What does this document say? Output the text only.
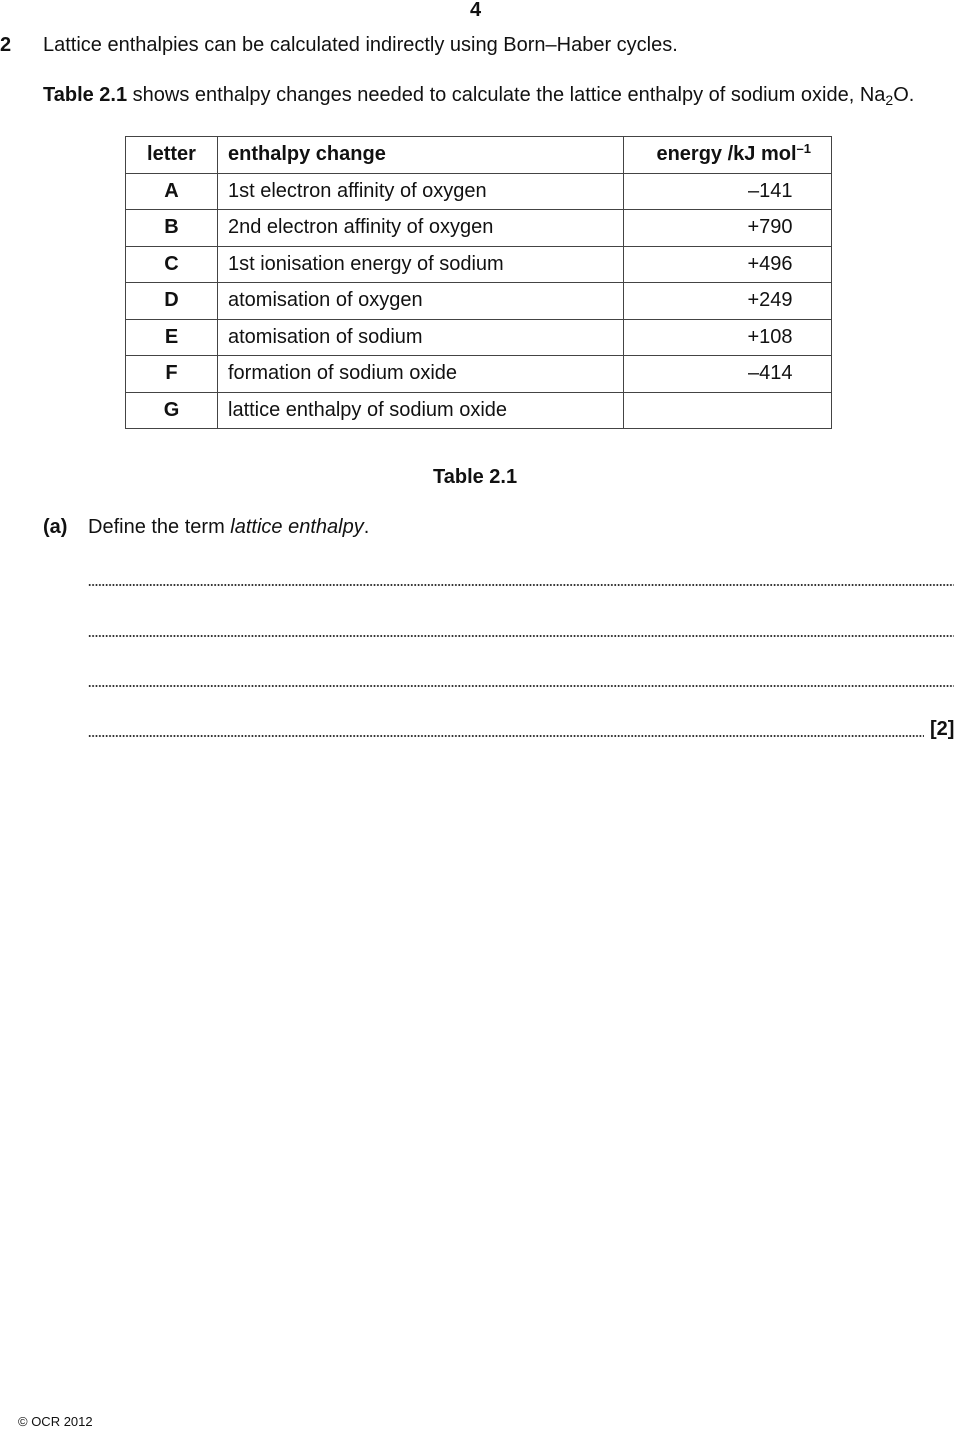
4
2 Lattice enthalpies can be calculated indirectly using Born–Haber cycles.
Table 2.1 shows enthalpy changes needed to calculate the lattice enthalpy of sodium oxide, $Na_2O$.
letter	enthalpy change	energy /kJ mol$^{-1}$
A	1st electron affinity of oxygen	–141
B	2nd electron affinity of oxygen	+790
C	1st ionisation energy of sodium	+496
D	atomisation of oxygen	+249
E	atomisation of sodium	+108
F	formation of sodium oxide	–414
G	lattice enthalpy of sodium oxide	
Table 2.1
(a) Define the term lattice enthalpy.
[2]
© OCR 2012
